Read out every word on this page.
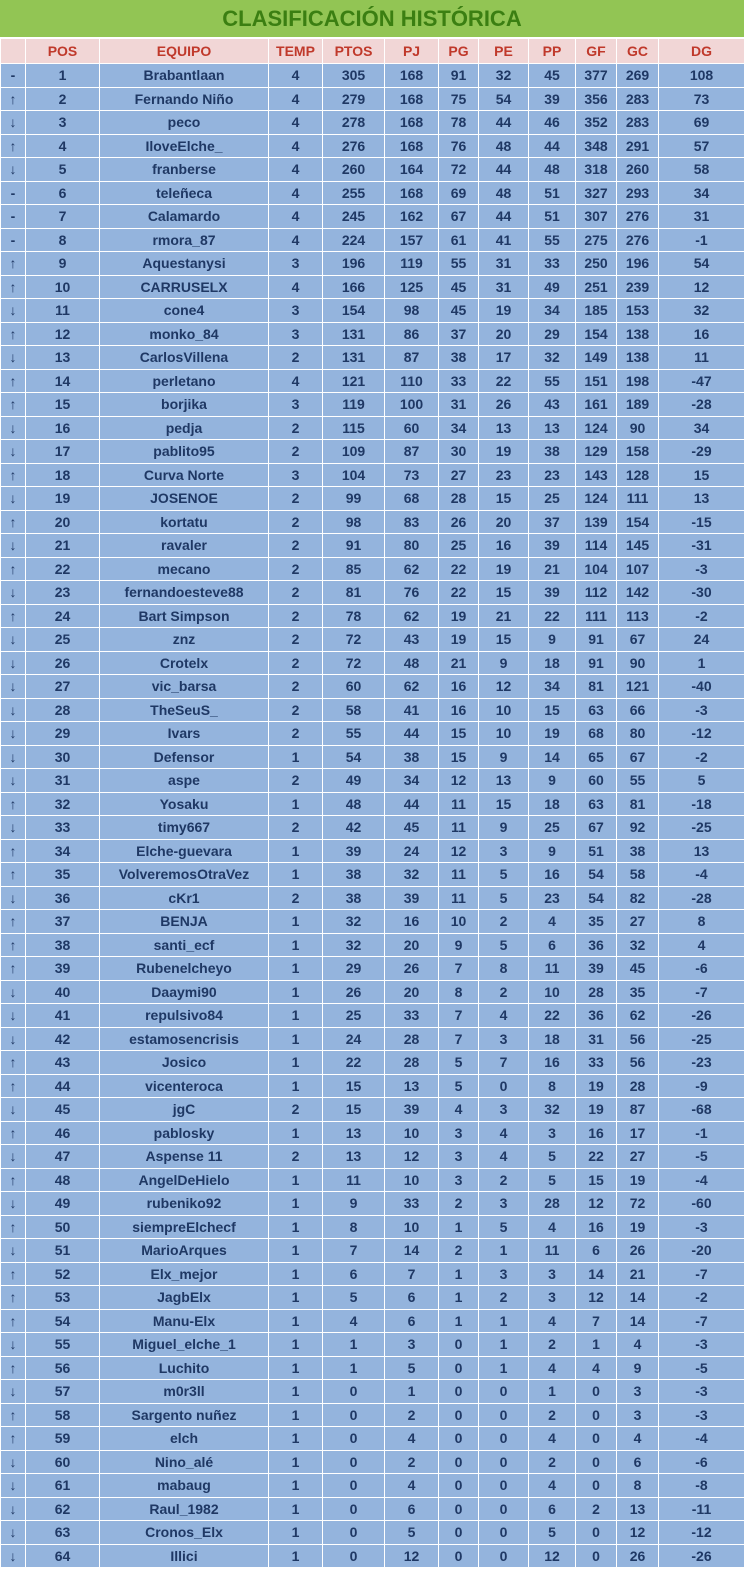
CLASIFICACIÓN HISTÓRICA
	POS	EQUIPO	TEMP	PTOS	PJ	PG	PE	PP	GF	GC	DG
-	1	Brabantlaan	4	305	168	91	32	45	377	269	108
↑	2	Fernando Niño	4	279	168	75	54	39	356	283	73
↓	3	peco	4	278	168	78	44	46	352	283	69
↑	4	IloveElche_	4	276	168	76	48	44	348	291	57
↓	5	franberse	4	260	164	72	44	48	318	260	58
-	6	teleñeca	4	255	168	69	48	51	327	293	34
-	7	Calamardo	4	245	162	67	44	51	307	276	31
-	8	rmora_87	4	224	157	61	41	55	275	276	-1
↑	9	Aquestanysi	3	196	119	55	31	33	250	196	54
↑	10	CARRUSELX	4	166	125	45	31	49	251	239	12
↓	11	cone4	3	154	98	45	19	34	185	153	32
↑	12	monko_84	3	131	86	37	20	29	154	138	16
↓	13	CarlosVillena	2	131	87	38	17	32	149	138	11
↑	14	perletano	4	121	110	33	22	55	151	198	-47
↑	15	borjika	3	119	100	31	26	43	161	189	-28
↓	16	pedja	2	115	60	34	13	13	124	90	34
↓	17	pablito95	2	109	87	30	19	38	129	158	-29
↑	18	Curva Norte	3	104	73	27	23	23	143	128	15
↓	19	JOSENOE	2	99	68	28	15	25	124	111	13
↑	20	kortatu	2	98	83	26	20	37	139	154	-15
↓	21	ravaler	2	91	80	25	16	39	114	145	-31
↑	22	mecano	2	85	62	22	19	21	104	107	-3
↓	23	fernandoesteve88	2	81	76	22	15	39	112	142	-30
↑	24	Bart Simpson	2	78	62	19	21	22	111	113	-2
↓	25	znz	2	72	43	19	15	9	91	67	24
↓	26	Crotelx	2	72	48	21	9	18	91	90	1
↓	27	vic_barsa	2	60	62	16	12	34	81	121	-40
↓	28	TheSeuS_	2	58	41	16	10	15	63	66	-3
↓	29	Ivars	2	55	44	15	10	19	68	80	-12
↓	30	Defensor	1	54	38	15	9	14	65	67	-2
↓	31	aspe	2	49	34	12	13	9	60	55	5
↑	32	Yosaku	1	48	44	11	15	18	63	81	-18
↓	33	timy667	2	42	45	11	9	25	67	92	-25
↑	34	Elche-guevara	1	39	24	12	3	9	51	38	13
↑	35	VolveremosOtraVez	1	38	32	11	5	16	54	58	-4
↓	36	cKr1	2	38	39	11	5	23	54	82	-28
↑	37	BENJA	1	32	16	10	2	4	35	27	8
↑	38	santi_ecf	1	32	20	9	5	6	36	32	4
↑	39	Rubenelcheyo	1	29	26	7	8	11	39	45	-6
↓	40	Daaymi90	1	26	20	8	2	10	28	35	-7
↓	41	repulsivo84	1	25	33	7	4	22	36	62	-26
↓	42	estamosencrisis	1	24	28	7	3	18	31	56	-25
↑	43	Josico	1	22	28	5	7	16	33	56	-23
↑	44	vicenteroca	1	15	13	5	0	8	19	28	-9
↓	45	jgC	2	15	39	4	3	32	19	87	-68
↑	46	pablosky	1	13	10	3	4	3	16	17	-1
↓	47	Aspense 11	2	13	12	3	4	5	22	27	-5
↑	48	AngelDeHielo	1	11	10	3	2	5	15	19	-4
↓	49	rubeniko92	1	9	33	2	3	28	12	72	-60
↑	50	siempreElchecf	1	8	10	1	5	4	16	19	-3
↓	51	MarioArques	1	7	14	2	1	11	6	26	-20
↑	52	Elx_mejor	1	6	7	1	3	3	14	21	-7
↑	53	JagbElx	1	5	6	1	2	3	12	14	-2
↑	54	Manu-Elx	1	4	6	1	1	4	7	14	-7
↓	55	Miguel_elche_1	1	1	3	0	1	2	1	4	-3
↑	56	Luchito	1	1	5	0	1	4	4	9	-5
↓	57	m0r3ll	1	0	1	0	0	1	0	3	-3
↑	58	Sargento nuñez	1	0	2	0	0	2	0	3	-3
↑	59	elch	1	0	4	0	0	4	0	4	-4
↓	60	Nino_alé	1	0	2	0	0	2	0	6	-6
↓	61	mabaug	1	0	4	0	0	4	0	8	-8
↓	62	Raul_1982	1	0	6	0	0	6	2	13	-11
↓	63	Cronos_Elx	1	0	5	0	0	5	0	12	-12
↓	64	Illici	1	0	12	0	0	12	0	26	-26
